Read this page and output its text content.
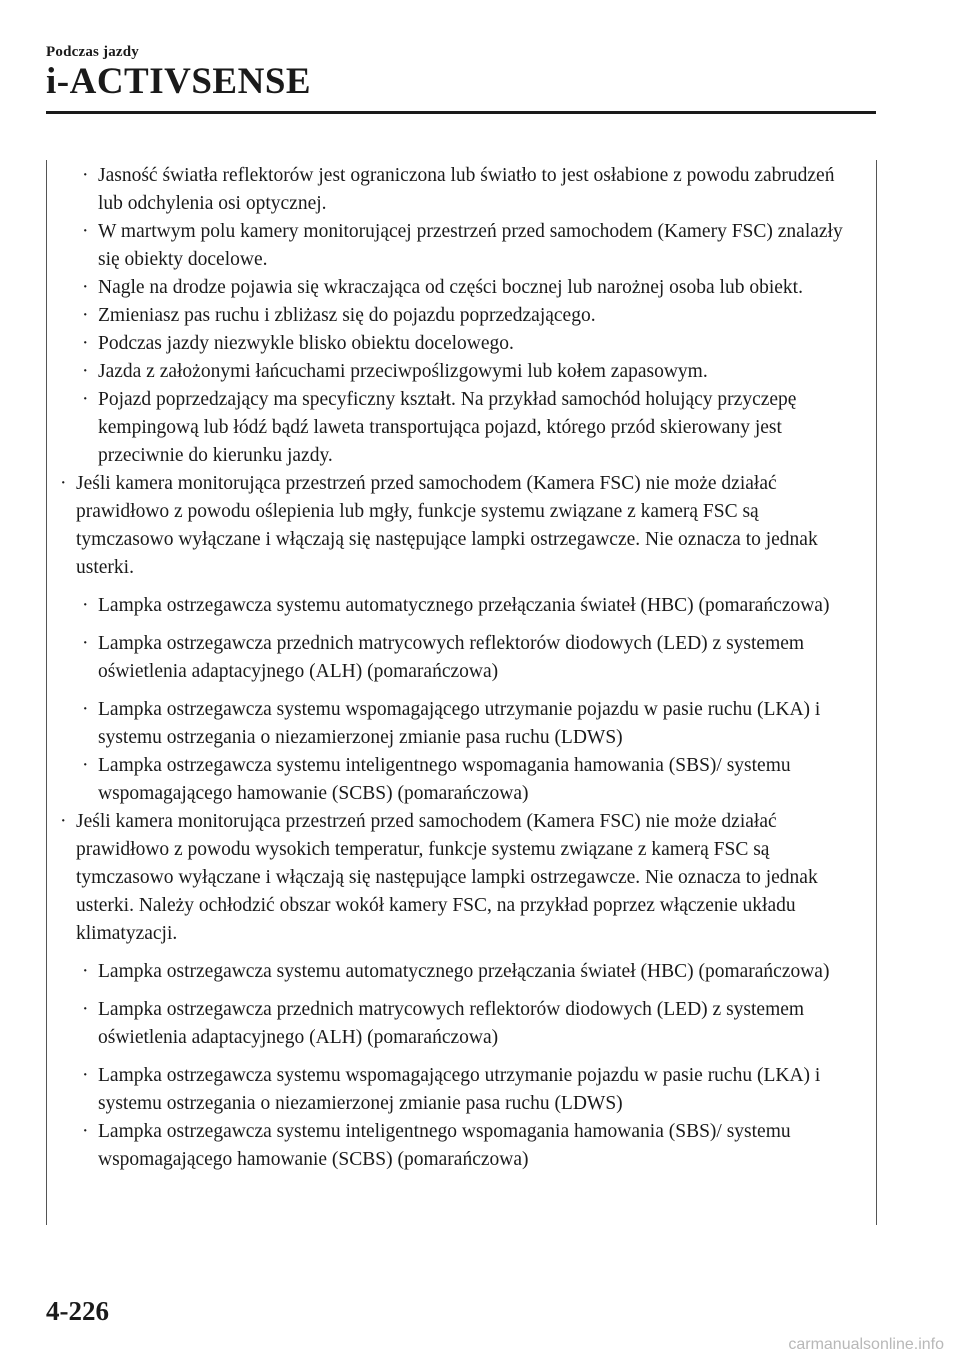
Podczas jazdy
i-ACTIVSENSE
· Jasność światła reflektorów jest ograniczona lub światło to jest osłabione z powodu zabrudzeń lub odchylenia osi optycznej.
· W martwym polu kamery monitorującej przestrzeń przed samochodem (Kamery FSC) znalazły się obiekty docelowe.
· Nagle na drodze pojawia się wkraczająca od części bocznej lub narożnej osoba lub obiekt.
· Zmieniasz pas ruchu i zbliżasz się do pojazdu poprzedzającego.
· Podczas jazdy niezwykle blisko obiektu docelowego.
· Jazda z założonymi łańcuchami przeciwpoślizgowymi lub kołem zapasowym.
· Pojazd poprzedzający ma specyficzny kształt. Na przykład samochód holujący przyczepę kempingową lub łódź bądź laweta transportująca pojazd, którego przód skierowany jest przeciwnie do kierunku jazdy.
· Jeśli kamera monitorująca przestrzeń przed samochodem (Kamera FSC) nie może działać prawidłowo z powodu oślepienia lub mgły, funkcje systemu związane z kamerą FSC są tymczasowo wyłączane i włączają się następujące lampki ostrzegawcze. Nie oznacza to jednak usterki.
· Lampka ostrzegawcza systemu automatycznego przełączania świateł (HBC) (pomarańczowa)
· Lampka ostrzegawcza przednich matrycowych reflektorów diodowych (LED) z systemem oświetlenia adaptacyjnego (ALH) (pomarańczowa)
· Lampka ostrzegawcza systemu wspomagającego utrzymanie pojazdu w pasie ruchu (LKA) i systemu ostrzegania o niezamierzonej zmianie pasa ruchu (LDWS)
· Lampka ostrzegawcza systemu inteligentnego wspomagania hamowania (SBS)/ systemu wspomagającego hamowanie (SCBS) (pomarańczowa)
· Jeśli kamera monitorująca przestrzeń przed samochodem (Kamera FSC) nie może działać prawidłowo z powodu wysokich temperatur, funkcje systemu związane z kamerą FSC są tymczasowo wyłączane i włączają się następujące lampki ostrzegawcze. Nie oznacza to jednak usterki. Należy ochłodzić obszar wokół kamery FSC, na przykład poprzez włączenie układu klimatyzacji.
· Lampka ostrzegawcza systemu automatycznego przełączania świateł (HBC) (pomarańczowa)
· Lampka ostrzegawcza przednich matrycowych reflektorów diodowych (LED) z systemem oświetlenia adaptacyjnego (ALH) (pomarańczowa)
· Lampka ostrzegawcza systemu wspomagającego utrzymanie pojazdu w pasie ruchu (LKA) i systemu ostrzegania o niezamierzonej zmianie pasa ruchu (LDWS)
· Lampka ostrzegawcza systemu inteligentnego wspomagania hamowania (SBS)/ systemu wspomagającego hamowanie (SCBS) (pomarańczowa)
4-226
carmanualsonline.info
